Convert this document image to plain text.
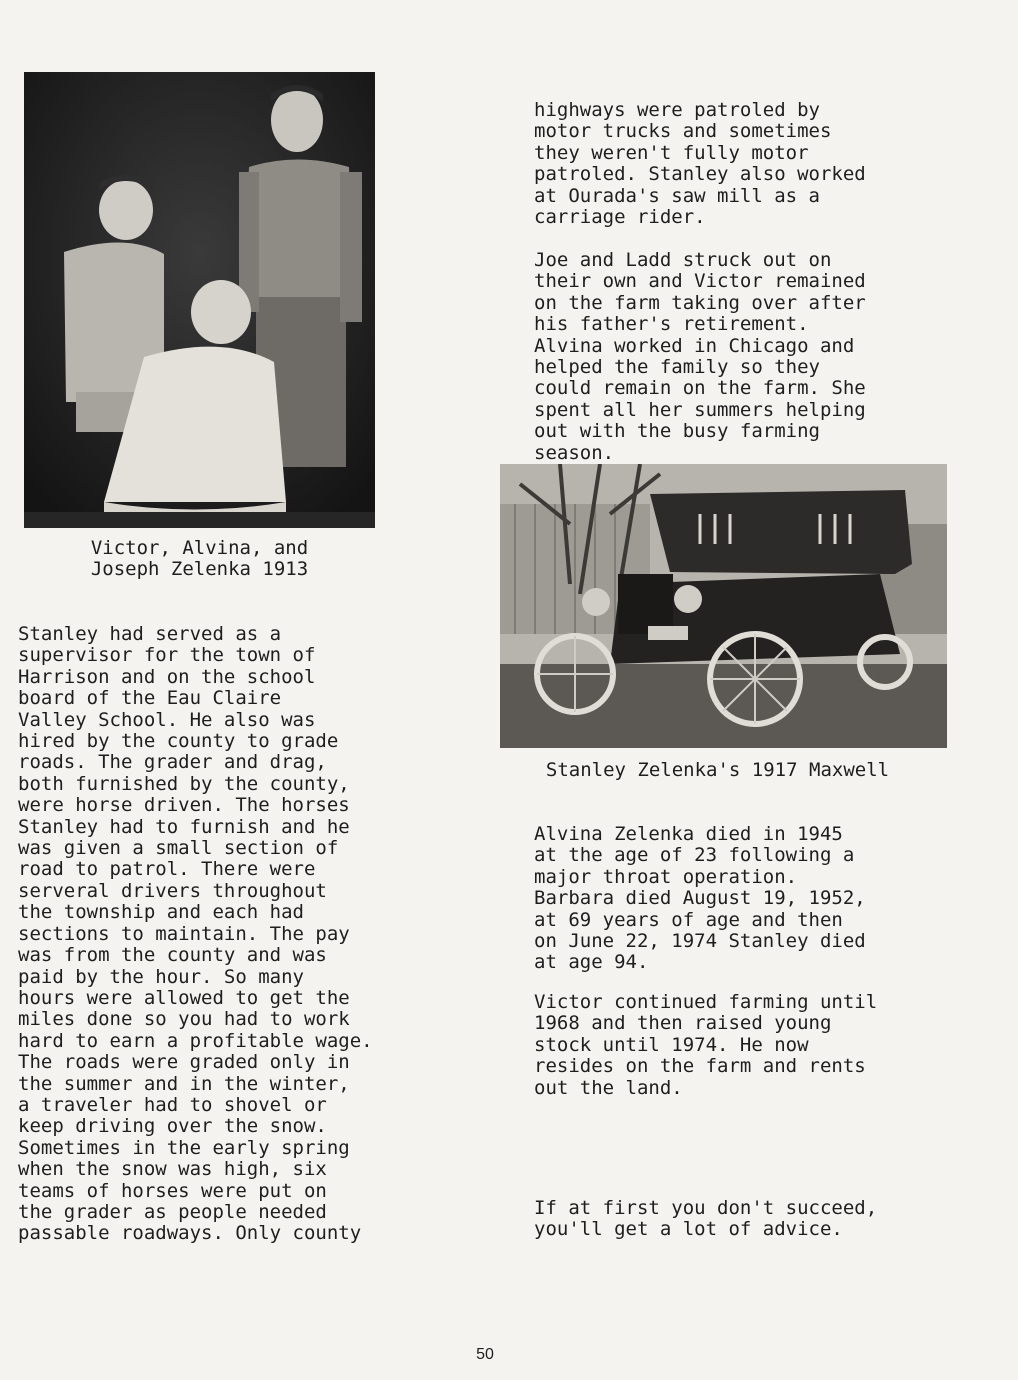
Victor, Alvina, and
Joseph Zelenka 1913

Stanley had served as a
supervisor for the town of
Harrison and on the school
board of the Eau Claire
Valley School. He also was
hired by the county to grade
roads. The grader and drag,
both furnished by the county,
were horse driven. The horses
Stanley had to furnish and he
was given a small section of
road to patrol. There were
serveral drivers throughout
the township and each had
sections to maintain. The pay
was from the county and was
paid by the hour. So many
hours were allowed to get the
miles done so you had to work
hard to earn a profitable wage.
The roads were graded only in
the summer and in the winter,
a traveler had to shovel or
keep driving over the snow.
Sometimes in the early spring
when the snow was high, six
teams of horses were put on
the grader as people needed
passable roadways. Only county

highways were patroled by
motor trucks and sometimes
they weren't fully motor
patroled. Stanley also worked
at Ourada's saw mill as a
carriage rider.

Joe and Ladd struck out on
their own and Victor remained
on the farm taking over after
his father's retirement.
Alvina worked in Chicago and
helped the family so they
could remain on the farm. She
spent all her summers helping
out with the busy farming
season.

Stanley Zelenka's 1917 Maxwell

Alvina Zelenka died in 1945
at the age of 23 following a
major throat operation.
Barbara died August 19, 1952,
at 69 years of age and then
on June 22, 1974 Stanley died
at age 94.

Victor continued farming until
1968 and then raised young
stock until 1974. He now
resides on the farm and rents
out the land.

If at first you don't succeed,
you'll get a lot of advice.

50
